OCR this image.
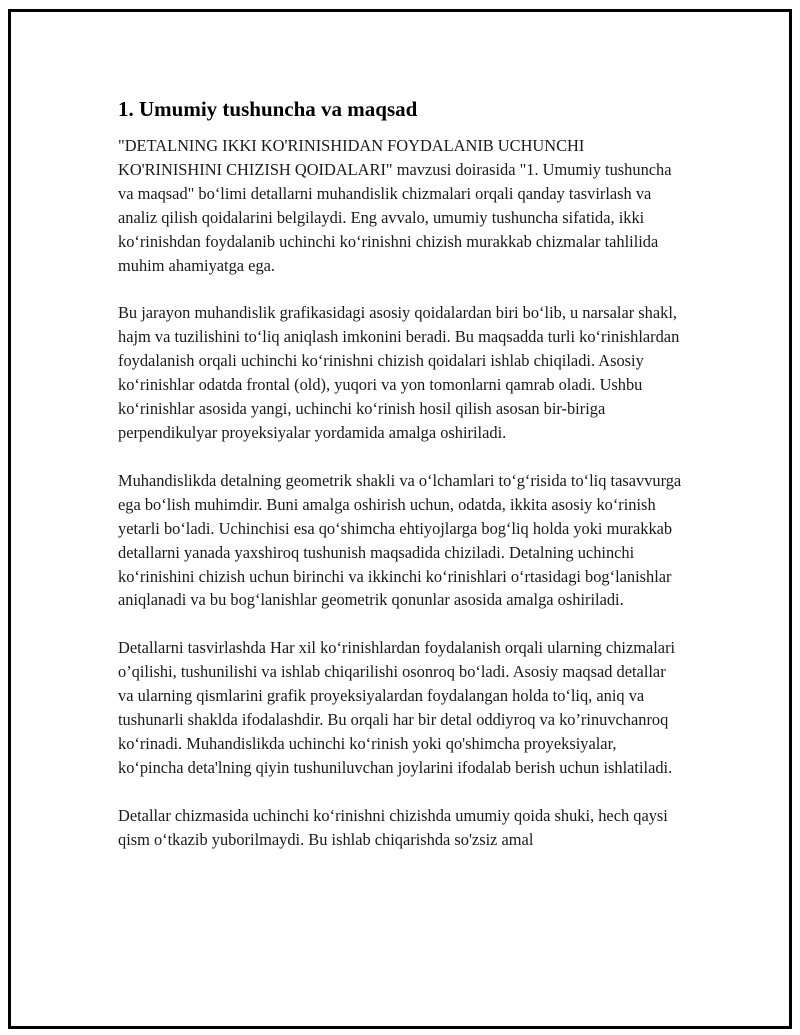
1. Umumiy tushuncha va maqsad

"DETALNING IKKI KO'RINISHIDAN FOYDALANIB UCHUNCHI KO'RINISHINI CHIZISH QOIDALARI" mavzusi doirasida "1. Umumiy tushuncha va maqsad" bo‘limi detallarni muhandislik chizmalari orqali qanday tasvirlash va analiz qilish qoidalarini belgilaydi. Eng avvalo, umumiy tushuncha sifatida, ikki ko‘rinishdan foydalanib uchinchi ko‘rinishni chizish murakkab chizmalar tahlilida muhim ahamiyatga ega.

Bu jarayon muhandislik grafikasidagi asosiy qoidalardan biri bo‘lib, u narsalar shakl, hajm va tuzilishini to‘liq aniqlash imkonini beradi. Bu maqsadda turli ko‘rinishlardan foydalanish orqali uchinchi ko‘rinishni chizish qoidalari ishlab chiqiladi. Asosiy ko‘rinishlar odatda frontal (old), yuqori va yon tomonlarni qamrab oladi. Ushbu ko‘rinishlar asosida yangi, uchinchi ko‘rinish hosil qilish asosan bir-biriga perpendikulyar proyeksiyalar yordamida amalga oshiriladi.

Muhandislikda detalning geometrik shakli va o‘lchamlari to‘g‘risida to‘liq tasavvurga ega bo‘lish muhimdir. Buni amalga oshirish uchun, odatda, ikkita asosiy ko‘rinish yetarli bo‘ladi. Uchinchisi esa qo‘shimcha ehtiyojlarga bog‘liq holda yoki murakkab detallarni yanada yaxshiroq tushunish maqsadida chiziladi. Detalning uchinchi ko‘rinishini chizish uchun birinchi va ikkinchi ko‘rinishlari o‘rtasidagi bog‘lanishlar aniqlanadi va bu bog‘lanishlar geometrik qonunlar asosida amalga oshiriladi.

Detallarni tasvirlashda Har xil ko‘rinishlardan foydalanish orqali ularning chizmalari o’qilishi, tushunilishi va ishlab chiqarilishi osonroq bo‘ladi. Asosiy maqsad detallar va ularning qismlarini grafik proyeksiyalardan foydalangan holda to‘liq, aniq va tushunarli shaklda ifodalashdir. Bu orqali har bir detal oddiyroq va ko’rinuvchanroq ko‘rinadi. Muhandislikda uchinchi ko‘rinish yoki qo'shimcha proyeksiyalar, ko‘pincha deta'lning qiyin tushuniluvchan joylarini ifodalab berish uchun ishlatiladi.

Detallar chizmasida uchinchi ko‘rinishni chizishda umumiy qoida shuki, hech qaysi qism o‘tkazib yuborilmaydi. Bu ishlab chiqarishda so'zsiz amal
